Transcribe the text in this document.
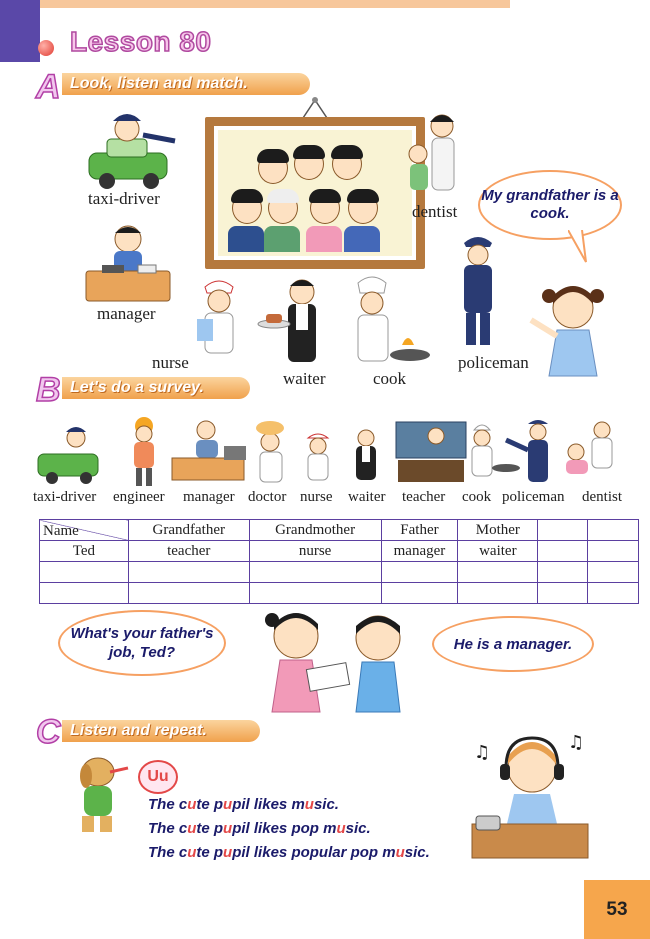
Lesson 80
A Look, listen and match.
taxi-driver
manager
dentist
My grandfather is a cook.
nurse
waiter	cook
policeman
B Let's do a survey.
taxi-driver engineer manager doctor nurse waiter teacher cook policeman dentist
Name	Grandfather	Grandmother	Father	Mother		
Ted	teacher	nurse	manager	waiter		

What's your father's job, Ted?	He is a manager.
C Listen and repeat.
Uu
The cute pupil likes music.
The cute pupil likes pop music.
The cute pupil likes popular pop music.
♫	♫
53
